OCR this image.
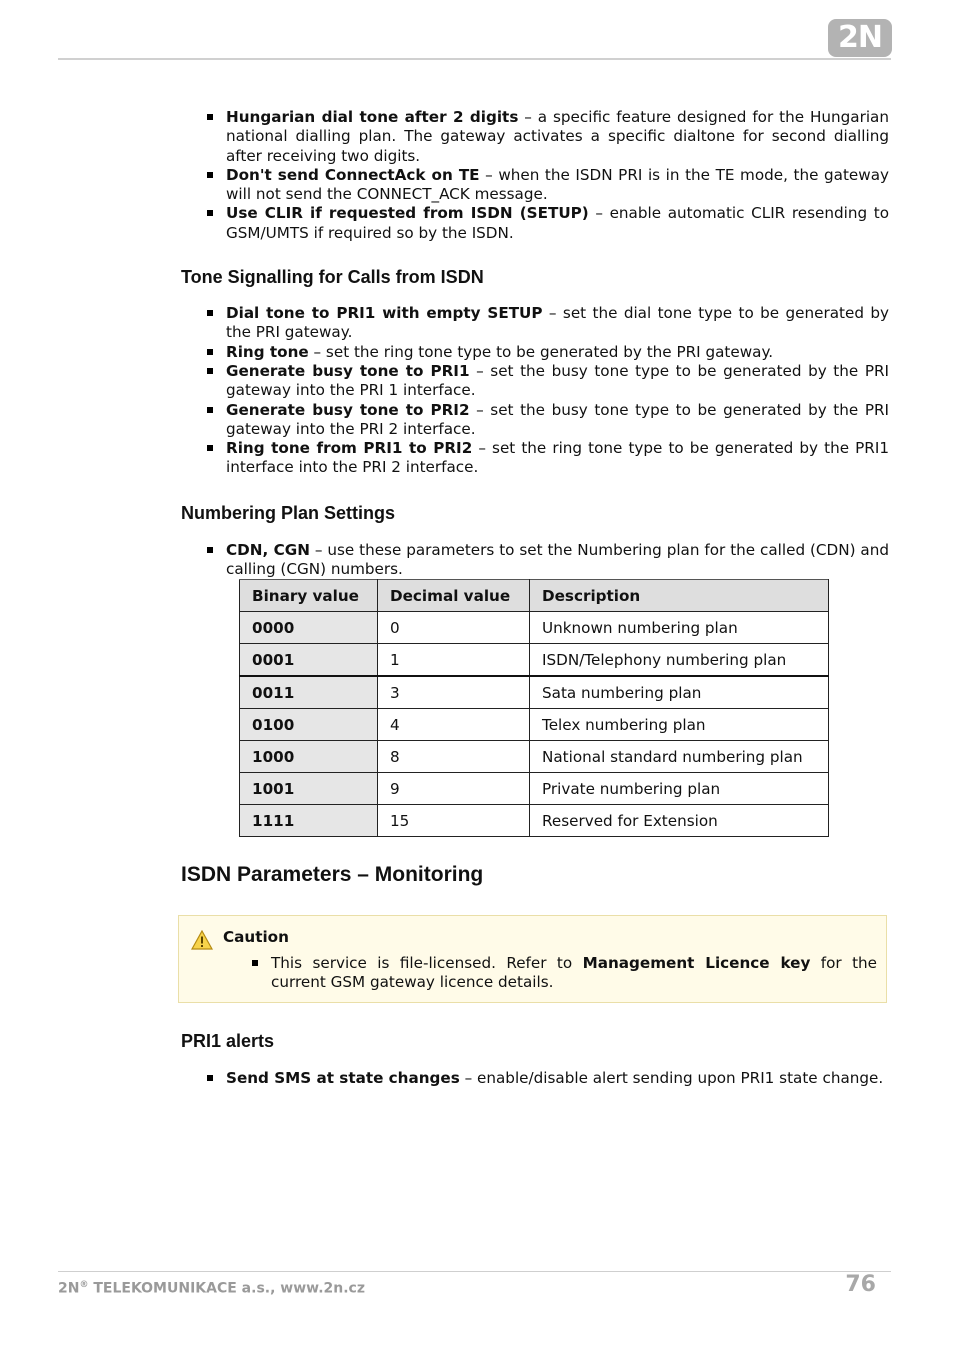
2N
Hungarian dial tone after 2 digits – a specific feature designed for the Hungarian national dialling plan. The gateway activates a specific dialtone for second dialling after receiving two digits.
Don't send ConnectAck on TE – when the ISDN PRI is in the TE mode, the gateway will not send the CONNECT_ACK message.
Use CLIR if requested from ISDN (SETUP) – enable automatic CLIR resending to GSM/UMTS if required so by the ISDN.
Tone Signalling for Calls from ISDN
Dial tone to PRI1 with empty SETUP – set the dial tone type to be generated by the PRI gateway.
Ring tone – set the ring tone type to be generated by the PRI gateway.
Generate busy tone to PRI1 – set the busy tone type to be generated by the PRI gateway into the PRI 1 interface.
Generate busy tone to PRI2 – set the busy tone type to be generated by the PRI gateway into the PRI 2 interface.
Ring tone from PRI1 to PRI2 – set the ring tone type to be generated by the PRI1 interface into the PRI 2 interface.
Numbering Plan Settings
CDN, CGN – use these parameters to set the Numbering plan for the called (CDN) and calling (CGN) numbers.
Binary value	Decimal value	Description
0000	0	Unknown numbering plan
0001	1	ISDN/Telephony numbering plan
0011	3	Sata numbering plan
0100	4	Telex numbering plan
1000	8	National standard numbering plan
1001	9	Private numbering plan
1111	15	Reserved for Extension
ISDN Parameters – Monitoring
Caution
This service is file-licensed. Refer to Management Licence key for the current GSM gateway licence details.
PRI1 alerts
Send SMS at state changes – enable/disable alert sending upon PRI1 state change.
2N® TELEKOMUNIKACE a.s., www.2n.cz	76
